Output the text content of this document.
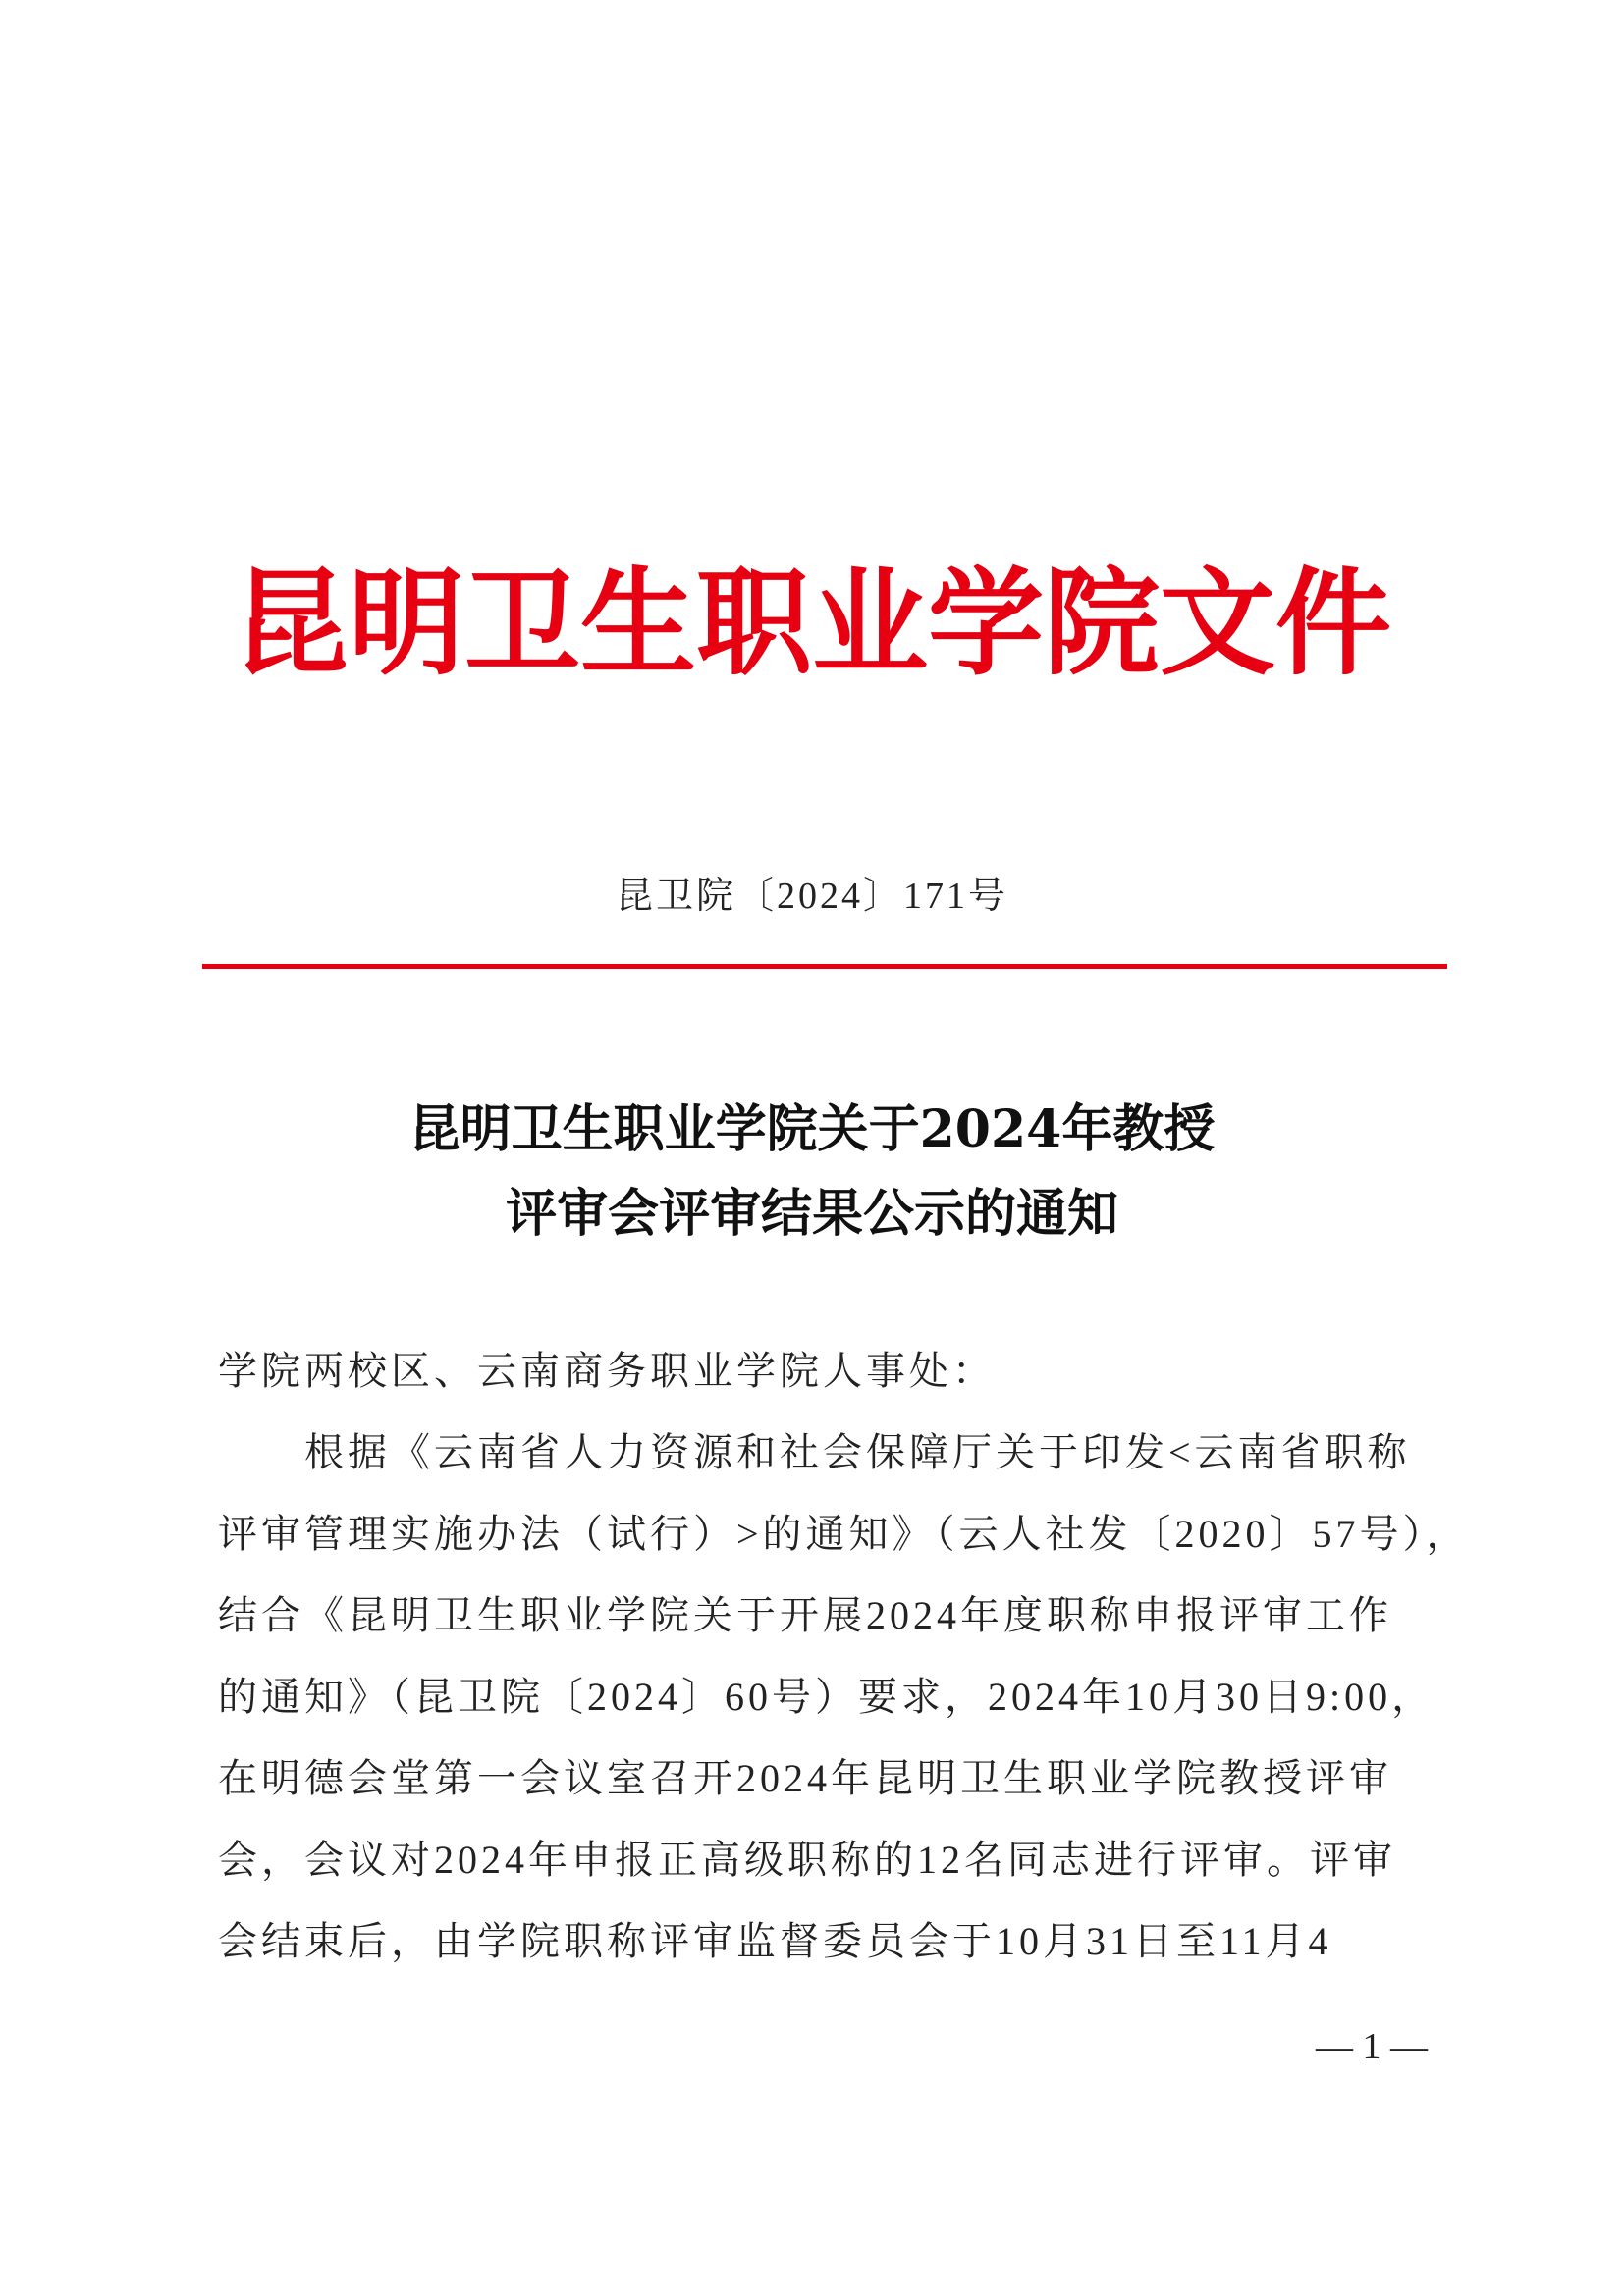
昆明卫生职业学院文件
昆卫院〔2024〕171号
昆明卫生职业学院关于2024年教授
评审会评审结果公示的通知
学院两校区、云南商务职业学院人事处：
根据《云南省人力资源和社会保障厅关于印发<云南省职称
评审管理实施办法（试行）>的通知》（云人社发〔2020〕57号），
结合《昆明卫生职业学院关于开展2024年度职称申报评审工作
的通知》（昆卫院〔2024〕60号）要求，2024年10月30日9:00，
在明德会堂第一会议室召开2024年昆明卫生职业学院教授评审
会，会议对2024年申报正高级职称的12名同志进行评审。评审
会结束后，由学院职称评审监督委员会于10月31日至11月4
— 1 —
